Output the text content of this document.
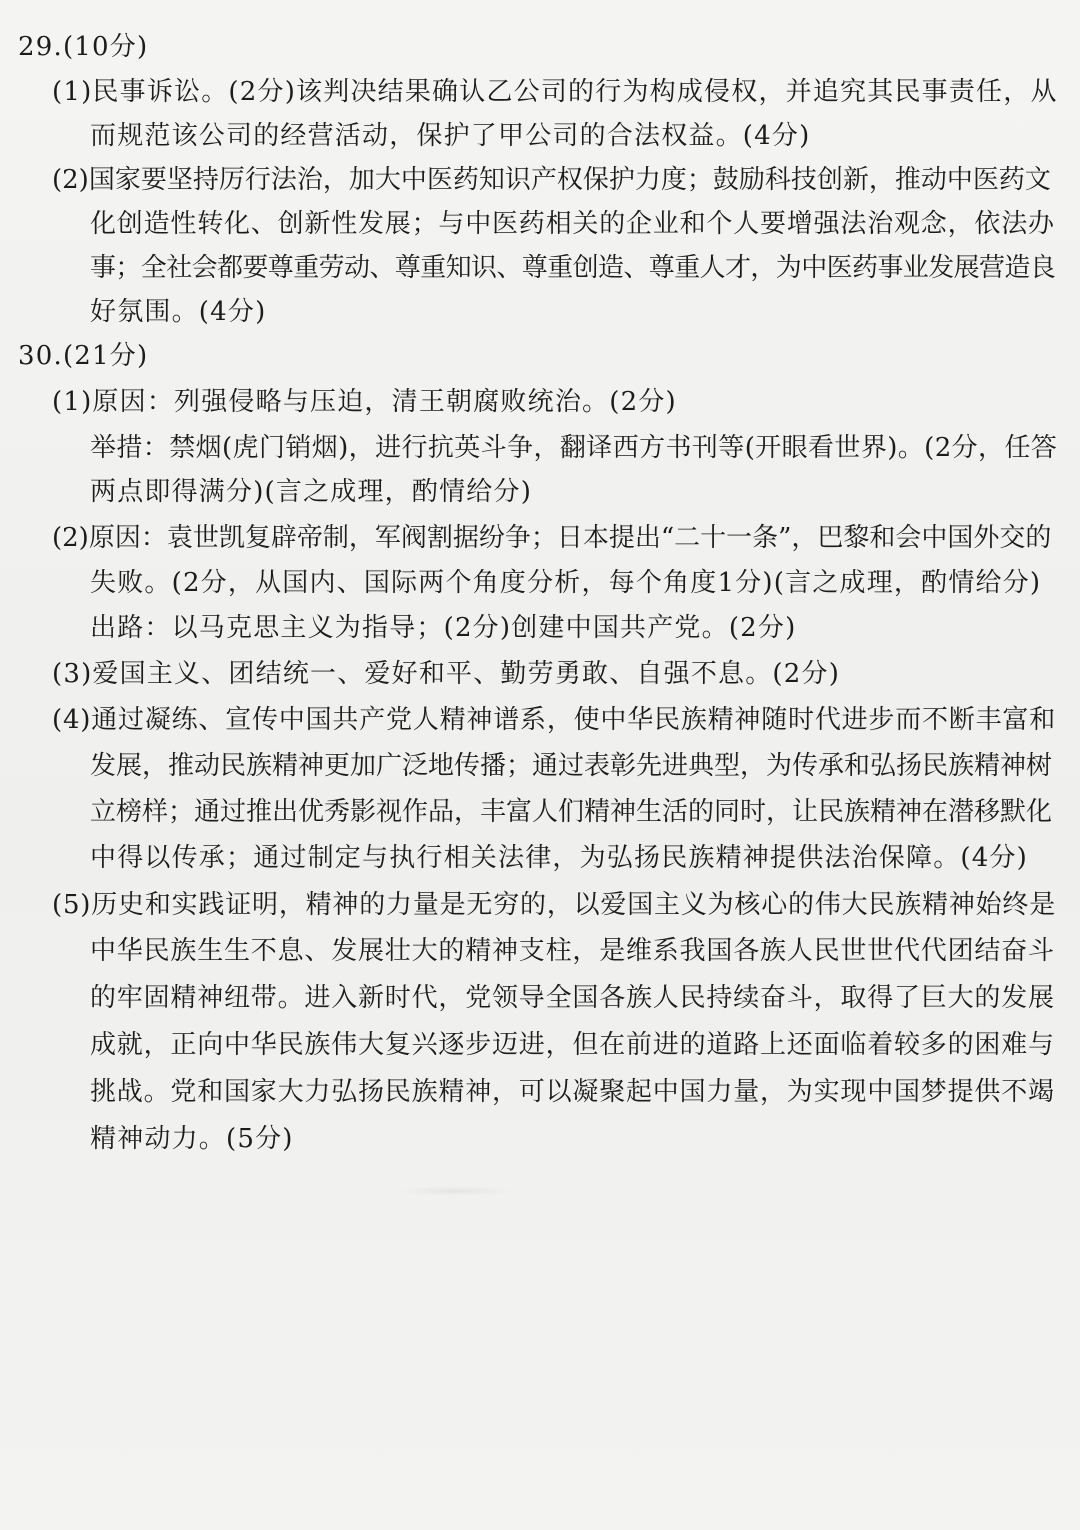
29.(10分)
(1)民事诉讼。(2分)该判决结果确认乙公司的行为构成侵权，并追究其民事责任，从
而规范该公司的经营活动，保护了甲公司的合法权益。(4分)
(2)国家要坚持厉行法治，加大中医药知识产权保护力度；鼓励科技创新，推动中医药文
化创造性转化、创新性发展；与中医药相关的企业和个人要增强法治观念，依法办
事；全社会都要尊重劳动、尊重知识、尊重创造、尊重人才，为中医药事业发展营造良
好氛围。(4分)
30.(21分)
(1)原因：列强侵略与压迫，清王朝腐败统治。(2分)
举措：禁烟(虎门销烟)，进行抗英斗争，翻译西方书刊等(开眼看世界)。(2分，任答
两点即得满分)(言之成理，酌情给分)
(2)原因：袁世凯复辟帝制，军阀割据纷争；日本提出“二十一条”，巴黎和会中国外交的
失败。(2分，从国内、国际两个角度分析，每个角度1分)(言之成理，酌情给分)
出路：以马克思主义为指导；(2分)创建中国共产党。(2分)
(3)爱国主义、团结统一、爱好和平、勤劳勇敢、自强不息。(2分)
(4)通过凝练、宣传中国共产党人精神谱系，使中华民族精神随时代进步而不断丰富和
发展，推动民族精神更加广泛地传播；通过表彰先进典型，为传承和弘扬民族精神树
立榜样；通过推出优秀影视作品，丰富人们精神生活的同时，让民族精神在潜移默化
中得以传承；通过制定与执行相关法律，为弘扬民族精神提供法治保障。(4分)
(5)历史和实践证明，精神的力量是无穷的，以爱国主义为核心的伟大民族精神始终是
中华民族生生不息、发展壮大的精神支柱，是维系我国各族人民世世代代团结奋斗
的牢固精神纽带。进入新时代，党领导全国各族人民持续奋斗，取得了巨大的发展
成就，正向中华民族伟大复兴逐步迈进，但在前进的道路上还面临着较多的困难与
挑战。党和国家大力弘扬民族精神，可以凝聚起中国力量，为实现中国梦提供不竭
精神动力。(5分)
